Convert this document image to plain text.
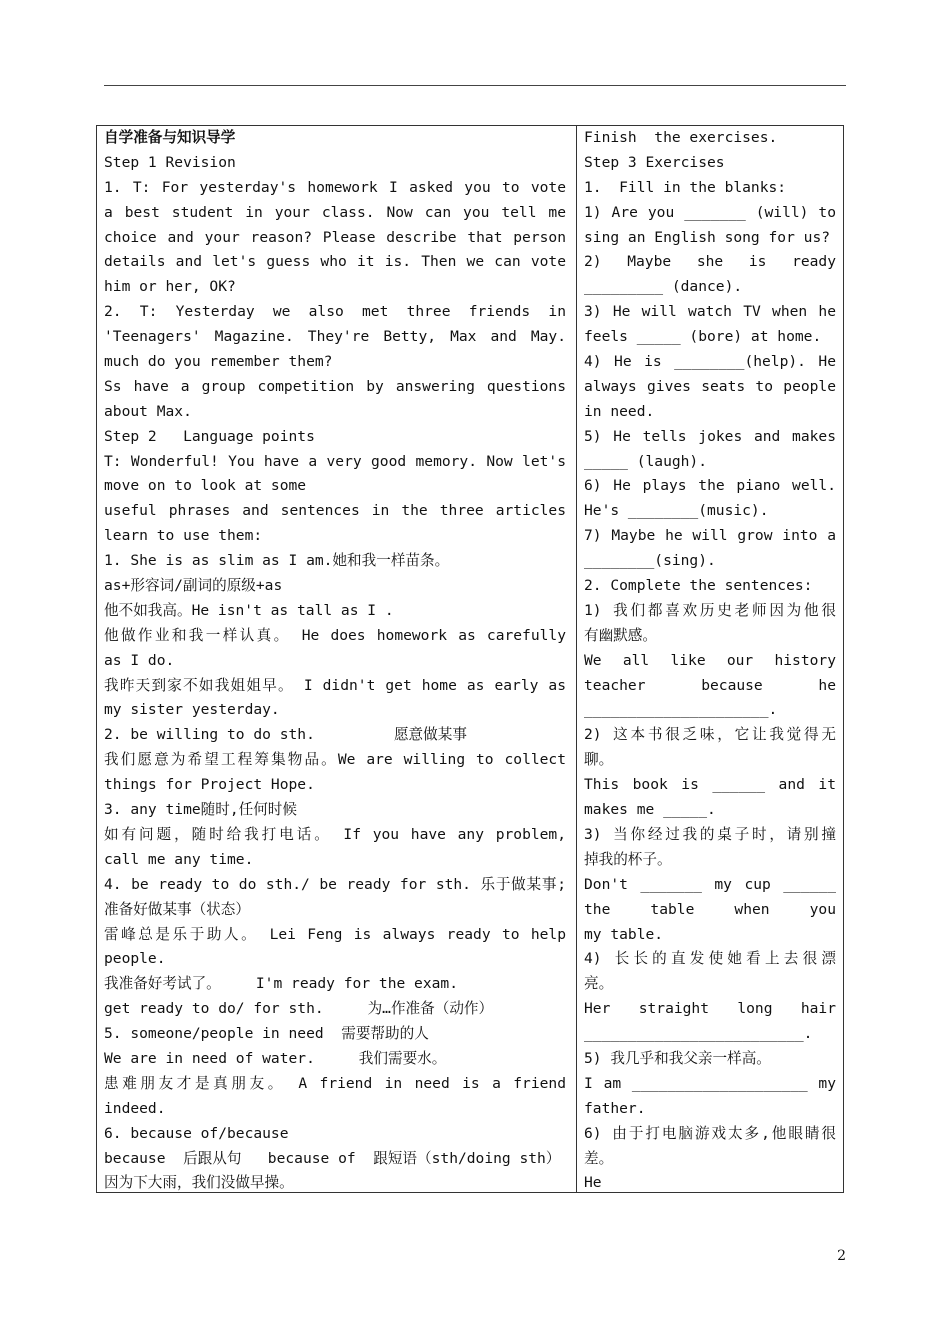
自学准备与知识导学
Step 1 Revision
1. T: For yesterday's homework I asked you to vote
a best student in your class. Now can you tell me
choice and your reason? Please describe that person
details and let's guess who it is. Then we can vote
him or her, OK?
2. T: Yesterday we also met three friends in
'Teenagers' Magazine. They're Betty, Max and May.
much do you remember them?
Ss have a group competition by answering questions
about Max.
Step 2   Language points
T: Wonderful! You have a very good memory. Now let's
move on to look at some
useful phrases and sentences in the three articles
learn to use them:
1. She is as slim as I am.她和我一样苗条。
as+形容词/副词的原级+as
他不如我高。He isn't as tall as I .
他做作业和我一样认真。 He does homework as carefully
as I do.
我昨天到家不如我姐姐早。 I didn't get home as early as
my sister yesterday.
2. be willing to do sth.         愿意做某事
我们愿意为希望工程筹集物品。We are willing to collect
things for Project Hope.
3. any time随时,任何时候
如有问题，随时给我打电话。 If you have any problem,
call me any time.
4. be ready to do sth./ be ready for sth. 乐于做某事;
准备好做某事（状态）
雷峰总是乐于助人。 Lei Feng is always ready to help
people.
我准备好考试了。    I'm ready for the exam.
get ready to do/ for sth.     为…作准备（动作）
5. someone/people in need  需要帮助的人
We are in need of water.     我们需要水。
患难朋友才是真朋友。 A friend in need is a friend
indeed.
6. because of/because
because  后跟从句   because of  跟短语（sth/doing sth）
因为下大雨，我们没做早操。
Finish  the exercises.
Step 3 Exercises
1.  Fill in the blanks:
1) Are you _______ (will) to
sing an English song for us?
2) Maybe she is ready
_________ (dance).
3) He will watch TV when he
feels _____ (bore) at home.
4) He is ________(help). He
always gives seats to people
in need.
5) He tells jokes and makes
_____ (laugh).
6) He plays the piano well.
He's ________(music).
7) Maybe he will grow into a
________(sing).
2. Complete the sentences:
1) 我们都喜欢历史老师因为他很
有幽默感。
We all like our history
teacher because he
_____________________.
2) 这本书很乏味，它让我觉得无
聊。
This book is ______ and it
makes me _____.
3) 当你经过我的桌子时，请别撞
掉我的杯子。
Don't _______ my cup ______
the table when you
my table.
4) 长长的直发使她看上去很漂
亮。
Her straight long hair
_________________________.
5) 我几乎和我父亲一样高。
I am ____________________ my
father.
6) 由于打电脑游戏太多,他眼睛很
差。
He
2
